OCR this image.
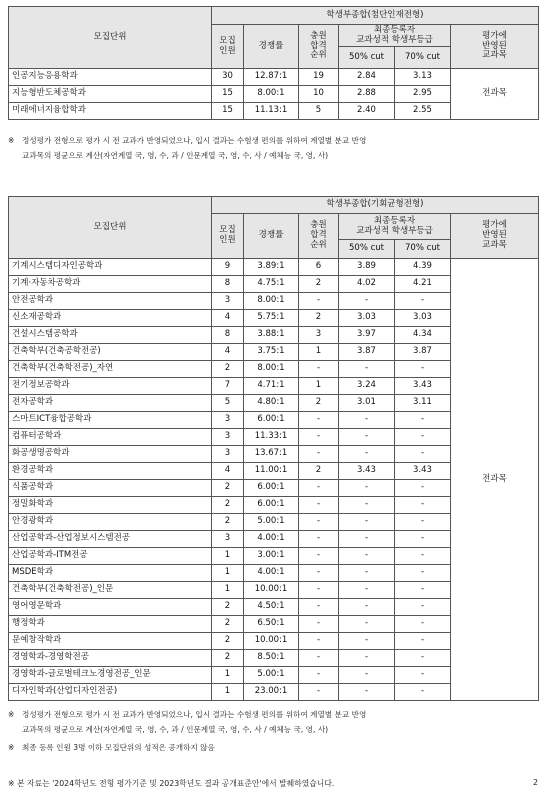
모집단위	학생부종합(첨단인재전형)					
	모집
인원	경쟁률	충원
합격
순위	최종등록자
교과성적 학생부등급		평가에
반영된
교과목
				50% cut	70% cut	
인공지능응용학과	30	12.87:1	19	2.84	3.13	전과목
지능형반도체공학과	15	8.00:1	10	2.88	2.95	
미래에너지융합학과	15	11.13:1	5	2.40	2.55	
※ 정성평가 전형으로 평가 시 전 교과가 반영되었으나, 입시 결과는 수험생 편의를 위하여 계열별 분교 반영
교과목의 평균으로 계산(자연계열 국, 영, 수, 과 / 인문계열 국, 영, 수, 사 / 예체능 국, 영, 사)
모집단위	학생부종합(기회균형전형)					
	모집
인원	경쟁률	충원
합격
순위	최종등록자
교과성적 학생부등급		평가에
반영된
교과목
				50% cut	70% cut	
기계시스템디자인공학과	9	3.89:1	6	3.89	4.39	전과목
기계·자동차공학과	8	4.75:1	2	4.02	4.21	
안전공학과	3	8.00:1	-	-	-	
신소재공학과	4	5.75:1	2	3.03	3.03	
건설시스템공학과	8	3.88:1	3	3.97	4.34	
건축학부(건축공학전공)	4	3.75:1	1	3.87	3.87	
건축학부(건축학전공)_자연	2	8.00:1	-	-	-	
전기정보공학과	7	4.71:1	1	3.24	3.43	
전자공학과	5	4.80:1	2	3.01	3.11	
스마트ICT융합공학과	3	6.00:1	-	-	-	
컴퓨터공학과	3	11.33:1	-	-	-	
화공생명공학과	3	13.67:1	-	-	-	
환경공학과	4	11.00:1	2	3.43	3.43	
식품공학과	2	6.00:1	-	-	-	
정밀화학과	2	6.00:1	-	-	-	
안경광학과	2	5.00:1	-	-	-	
산업공학과-산업정보시스템전공	3	4.00:1	-	-	-	
산업공학과-ITM전공	1	3.00:1	-	-	-	
MSDE학과	1	4.00:1	-	-	-	
건축학부(건축학전공)_인문	1	10.00:1	-	-	-	
영어영문학과	2	4.50:1	-	-	-	
행정학과	2	6.50:1	-	-	-	
문예창작학과	2	10.00:1	-	-	-	
경영학과-경영학전공	2	8.50:1	-	-	-	
경영학과-글로벌테크노경영전공_인문	1	5.00:1	-	-	-	
디자인학과(산업디자인전공)	1	23.00:1	-	-	-	
※ 정성평가 전형으로 평가 시 전 교과가 반영되었으나, 입시 결과는 수험생 편의를 위하여 계열별 분교 반영
교과목의 평균으로 계산(자연계열 국, 영, 수, 과 / 인문계열 국, 영, 수, 사 / 예체능 국, 영, 사)
※ 최종 등록 인원 3명 이하 모집단위의 성적은 공개하지 않음
※ 본 자료는 '2024학년도 전형 평가기준 및 2023학년도 결과 공개표준안'에서 발췌하였습니다.	2
